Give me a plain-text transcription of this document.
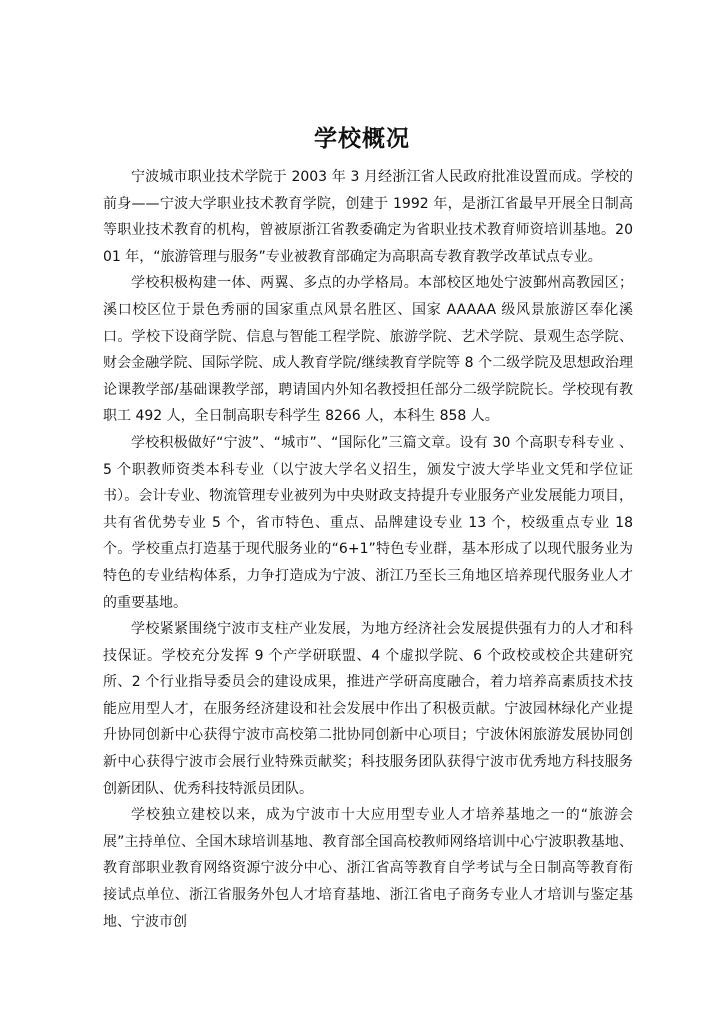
学校概况

宁波城市职业技术学院于 2003 年 3 月经浙江省人民政府批准设置而成。学校的前身——宁波大学职业技术教育学院，创建于 1992 年，是浙江省最早开展全日制高等职业技术教育的机构，曾被原浙江省教委确定为省职业技术教育师资培训基地。2001 年，“旅游管理与服务”专业被教育部确定为高职高专教育教学改革试点专业。

学校积极构建一体、两翼、多点的办学格局。本部校区地处宁波鄞州高教园区；溪口校区位于景色秀丽的国家重点风景名胜区、国家 AAAAA 级风景旅游区奉化溪口。学校下设商学院、信息与智能工程学院、旅游学院、艺术学院、景观生态学院、财会金融学院、国际学院、成人教育学院/继续教育学院等 8 个二级学院及思想政治理论课教学部/基础课教学部，聘请国内外知名教授担任部分二级学院院长。学校现有教职工 492 人，全日制高职专科学生 8266 人，本科生 858 人。

学校积极做好“宁波”、“城市”、“国际化”三篇文章。设有 30 个高职专科专业 、5 个职教师资类本科专业（以宁波大学名义招生，颁发宁波大学毕业文凭和学位证书）。会计专业、物流管理专业被列为中央财政支持提升专业服务产业发展能力项目，共有省优势专业 5 个，省市特色、重点、品牌建设专业 13 个，校级重点专业 18 个。学校重点打造基于现代服务业的“6+1”特色专业群，基本形成了以现代服务业为特色的专业结构体系，力争打造成为宁波、浙江乃至长三角地区培养现代服务业人才的重要基地。

学校紧紧围绕宁波市支柱产业发展，为地方经济社会发展提供强有力的人才和科技保证。学校充分发挥 9 个产学研联盟、4 个虚拟学院、6 个政校或校企共建研究所、2 个行业指导委员会的建设成果，推进产学研高度融合，着力培养高素质技术技能应用型人才，在服务经济建设和社会发展中作出了积极贡献。宁波园林绿化产业提升协同创新中心获得宁波市高校第二批协同创新中心项目；宁波休闲旅游发展协同创新中心获得宁波市会展行业特殊贡献奖；科技服务团队获得宁波市优秀地方科技服务创新团队、优秀科技特派员团队。

学校独立建校以来，成为宁波市十大应用型专业人才培养基地之一的“旅游会展”主持单位、全国木球培训基地、教育部全国高校教师网络培训中心宁波职教基地、教育部职业教育网络资源宁波分中心、浙江省高等教育自学考试与全日制高等教育衔接试点单位、浙江省服务外包人才培育基地、浙江省电子商务专业人才培训与鉴定基地、宁波市创
